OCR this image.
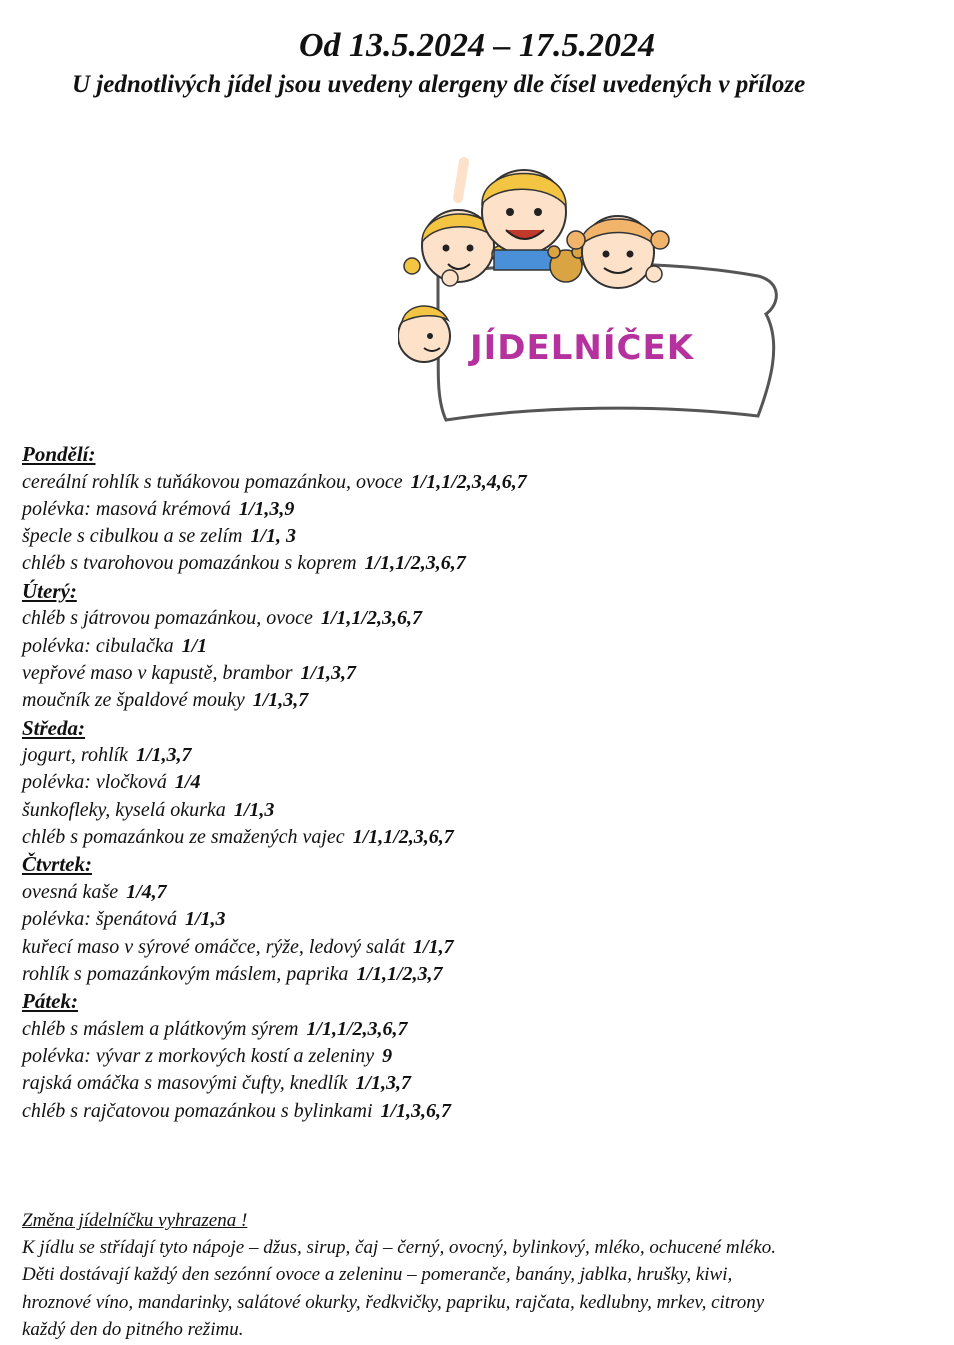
Od 13.5.2024 – 17.5.2024

U jednotlivých jídel jsou uvedeny alergeny dle čísel uvedených v příloze

JÍDELNÍČEK
Pondělí:
cereální rohlík s tuňákovou pomazánkou, ovoce 1/1,1/2,3,4,6,7
polévka: masová krémová 1/1,3,9
špecle s cibulkou a se zelím 1/1, 3
chléb s tvarohovou pomazánkou s koprem 1/1,1/2,3,6,7
Úterý:
chléb s játrovou pomazánkou, ovoce 1/1,1/2,3,6,7
polévka: cibulačka 1/1
vepřové maso v kapustě, brambor 1/1,3,7
moučník ze špaldové mouky 1/1,3,7
Středa:
jogurt, rohlík 1/1,3,7
polévka: vločková 1/4
šunkofleky, kyselá okurka 1/1,3
chléb s pomazánkou ze smažených vajec 1/1,1/2,3,6,7
Čtvrtek:
ovesná kaše 1/4,7
polévka: špenátová 1/1,3
kuřecí maso v sýrové omáčce, rýže, ledový salát 1/1,7
rohlík s pomazánkovým máslem, paprika 1/1,1/2,3,7
Pátek:
chléb s máslem a plátkovým sýrem 1/1,1/2,3,6,7
polévka: vývar z morkových kostí a zeleniny 9
rajská omáčka s masovými čufty, knedlík 1/1,3,7
chléb s rajčatovou pomazánkou s bylinkami 1/1,3,6,7
Změna jídelníčku vyhrazena !
K jídlu se střídají tyto nápoje – džus, sirup, čaj – černý, ovocný, bylinkový, mléko, ochucené mléko.
Děti dostávají každý den sezónní ovoce a zeleninu – pomeranče, banány, jablka, hrušky, kiwi,
hroznové víno, mandarinky, salátové okurky, ředkvičky, papriku, rajčata, kedlubny, mrkev, citrony
každý den do pitného režimu.
